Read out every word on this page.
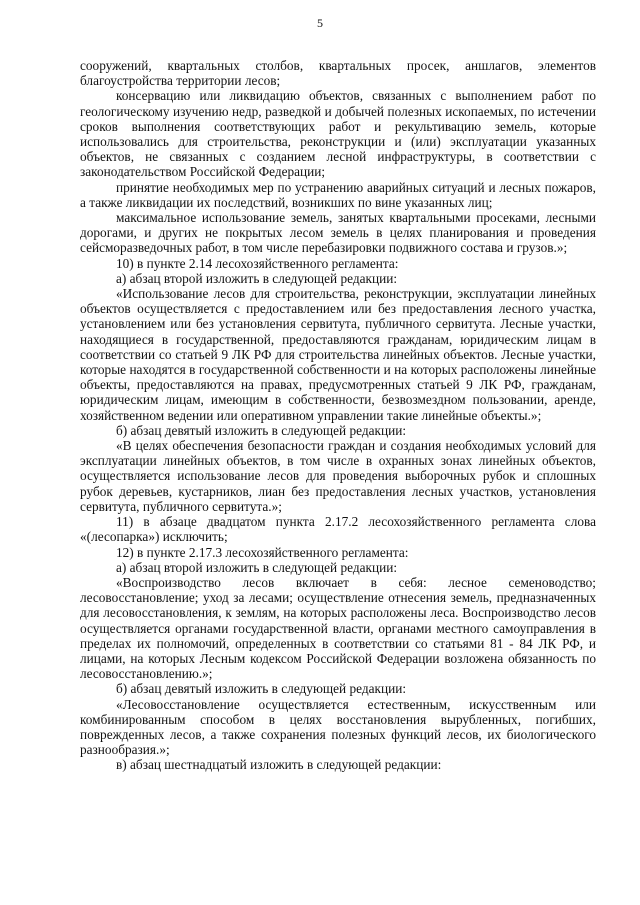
5

сооружений, квартальных столбов, квартальных просек, аншлагов, элементов благоустройства территории лесов;

консервацию или ликвидацию объектов, связанных с выполнением работ по геологическому изучению недр, разведкой и добычей полезных ископаемых, по истечении сроков выполнения соответствующих работ и рекультивацию земель, которые использовались для строительства, реконструкции и (или) эксплуатации указанных объектов, не связанных с созданием лесной инфраструктуры, в соответствии с законодательством Российской Федерации;

принятие необходимых мер по устранению аварийных ситуаций и лесных пожаров, а также ликвидации их последствий, возникших по вине указанных лиц;

максимальное использование земель, занятых квартальными просеками, лесными дорогами, и других не покрытых лесом земель в целях планирования и проведения сейсморазведочных работ, в том числе перебазировки подвижного состава и грузов.»;

10) в пункте 2.14 лесохозяйственного регламента:

а) абзац второй изложить в следующей редакции:

«Использование лесов для строительства, реконструкции, эксплуатации линейных объектов осуществляется с предоставлением или без предоставления лесного участка, установлением или без установления сервитута, публичного сервитута. Лесные участки, находящиеся в государственной, предоставляются гражданам, юридическим лицам в соответствии со статьей 9 ЛК РФ для строительства линейных объектов. Лесные участки, которые находятся в государственной собственности и на которых расположены линейные объекты, предоставляются на правах, предусмотренных статьей 9 ЛК РФ, гражданам, юридическим лицам, имеющим в собственности, безвозмездном пользовании, аренде, хозяйственном ведении или оперативном управлении такие линейные объекты.»;

б) абзац девятый изложить в следующей редакции:

«В целях обеспечения безопасности граждан и создания необходимых условий для эксплуатации линейных объектов, в том числе в охранных зонах линейных объектов, осуществляется использование лесов для проведения выборочных рубок и сплошных рубок деревьев, кустарников, лиан без предоставления лесных участков, установления сервитута, публичного сервитута.»;

11) в абзаце двадцатом пункта 2.17.2 лесохозяйственного регламента слова «(лесопарка») исключить;

12) в пункте 2.17.3 лесохозяйственного регламента:

а) абзац второй изложить в следующей редакции:

«Воспроизводство лесов включает в себя: лесное семеноводство; лесовосстановление; уход за лесами; осуществление отнесения земель, предназначенных для лесовосстановления, к землям, на которых расположены леса. Воспроизводство лесов осуществляется органами государственной власти, органами местного самоуправления в пределах их полномочий, определенных в соответствии со статьями 81 - 84 ЛК РФ, и лицами, на которых Лесным кодексом Российской Федерации возложена обязанность по лесовосстановлению.»;

б) абзац девятый изложить в следующей редакции:

«Лесовосстановление осуществляется естественным, искусственным или комбинированным способом в целях восстановления вырубленных, погибших, поврежденных лесов, а также сохранения полезных функций лесов, их биологического разнообразия.»;

в) абзац шестнадцатый изложить в следующей редакции:
